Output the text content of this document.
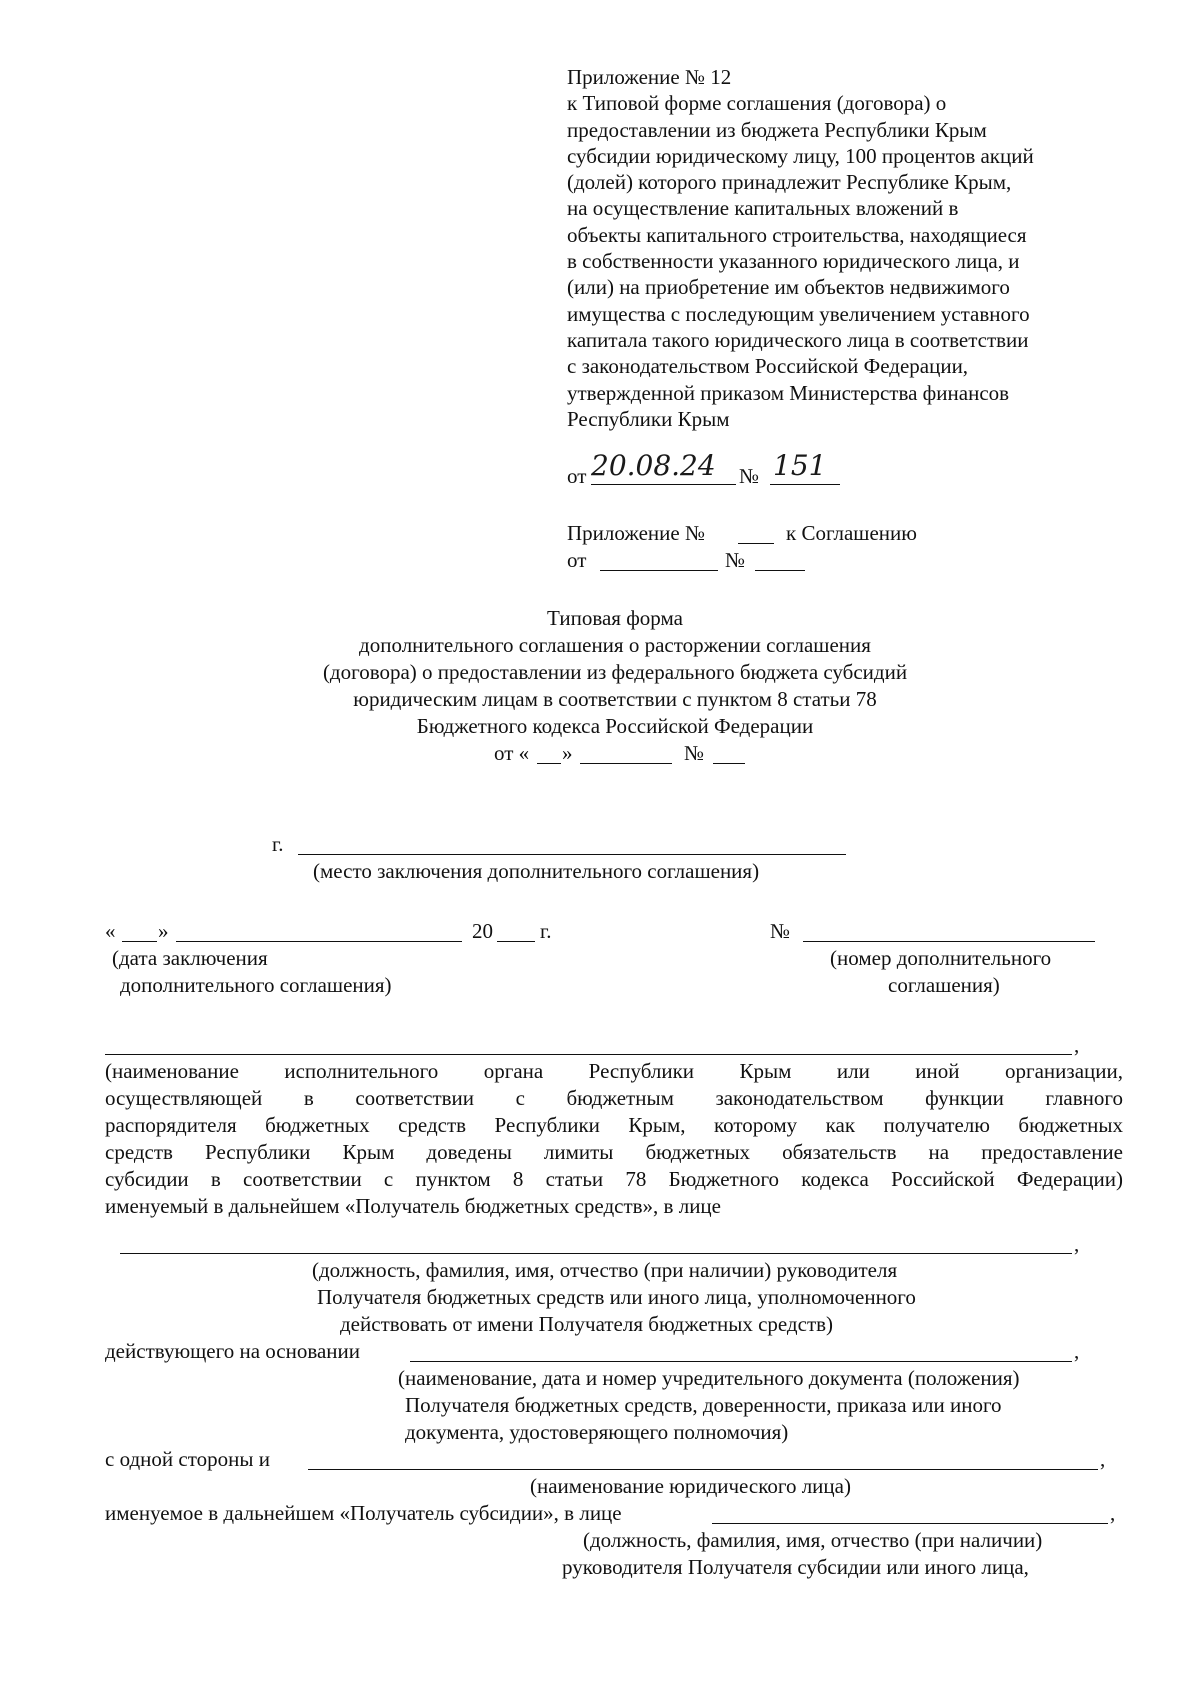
Приложение № 12
к Типовой форме соглашения (договора) о
предоставлении из бюджета Республики Крым
субсидии юридическому лицу, 100 процентов акций
(долей) которого принадлежит Республике Крым,
на осуществление капитальных вложений в
объекты капитального строительства, находящиеся
в собственности указанного юридического лица, и
(или) на приобретение им объектов недвижимого
имущества с последующим увеличением уставного
капитала такого юридического лица в соответствии
с законодательством Российской Федерации,
утвержденной приказом Министерства финансов
Республики Крым
от 20.08.24 № 151
Приложение №	к Соглашению
от	№
Типовая форма
дополнительного соглашения о расторжении соглашения
(договора) о предоставлении из федерального бюджета субсидий
юридическим лицам в соответствии с пунктом 8 статьи 78
Бюджетного кодекса Российской Федерации
от « »	№
г.
(место заключения дополнительного соглашения)
« »	20 г.	№
(дата заключения
дополнительного соглашения)
(номер дополнительного
соглашения)
,
(наименование исполнительного органа Республики Крым или иной организации,
осуществляющей в соответствии с бюджетным законодательством функции главного
распорядителя бюджетных средств Республики Крым, которому как получателю бюджетных
средств Республики Крым доведены лимиты бюджетных обязательств на предоставление
субсидии в соответствии с пунктом 8 статьи 78 Бюджетного кодекса Российской Федерации)
именуемый в дальнейшем «Получатель бюджетных средств», в лице
,
(должность, фамилия, имя, отчество (при наличии) руководителя
Получателя бюджетных средств или иного лица, уполномоченного
действовать от имени Получателя бюджетных средств)
действующего на основании	,
(наименование, дата и номер учредительного документа (положения)
Получателя бюджетных средств, доверенности, приказа или иного
документа, удостоверяющего полномочия)
с одной стороны и	,
(наименование юридического лица)
именуемое в дальнейшем «Получатель субсидии», в лице	,
(должность, фамилия, имя, отчество (при наличии)
руководителя Получателя субсидии или иного лица,
